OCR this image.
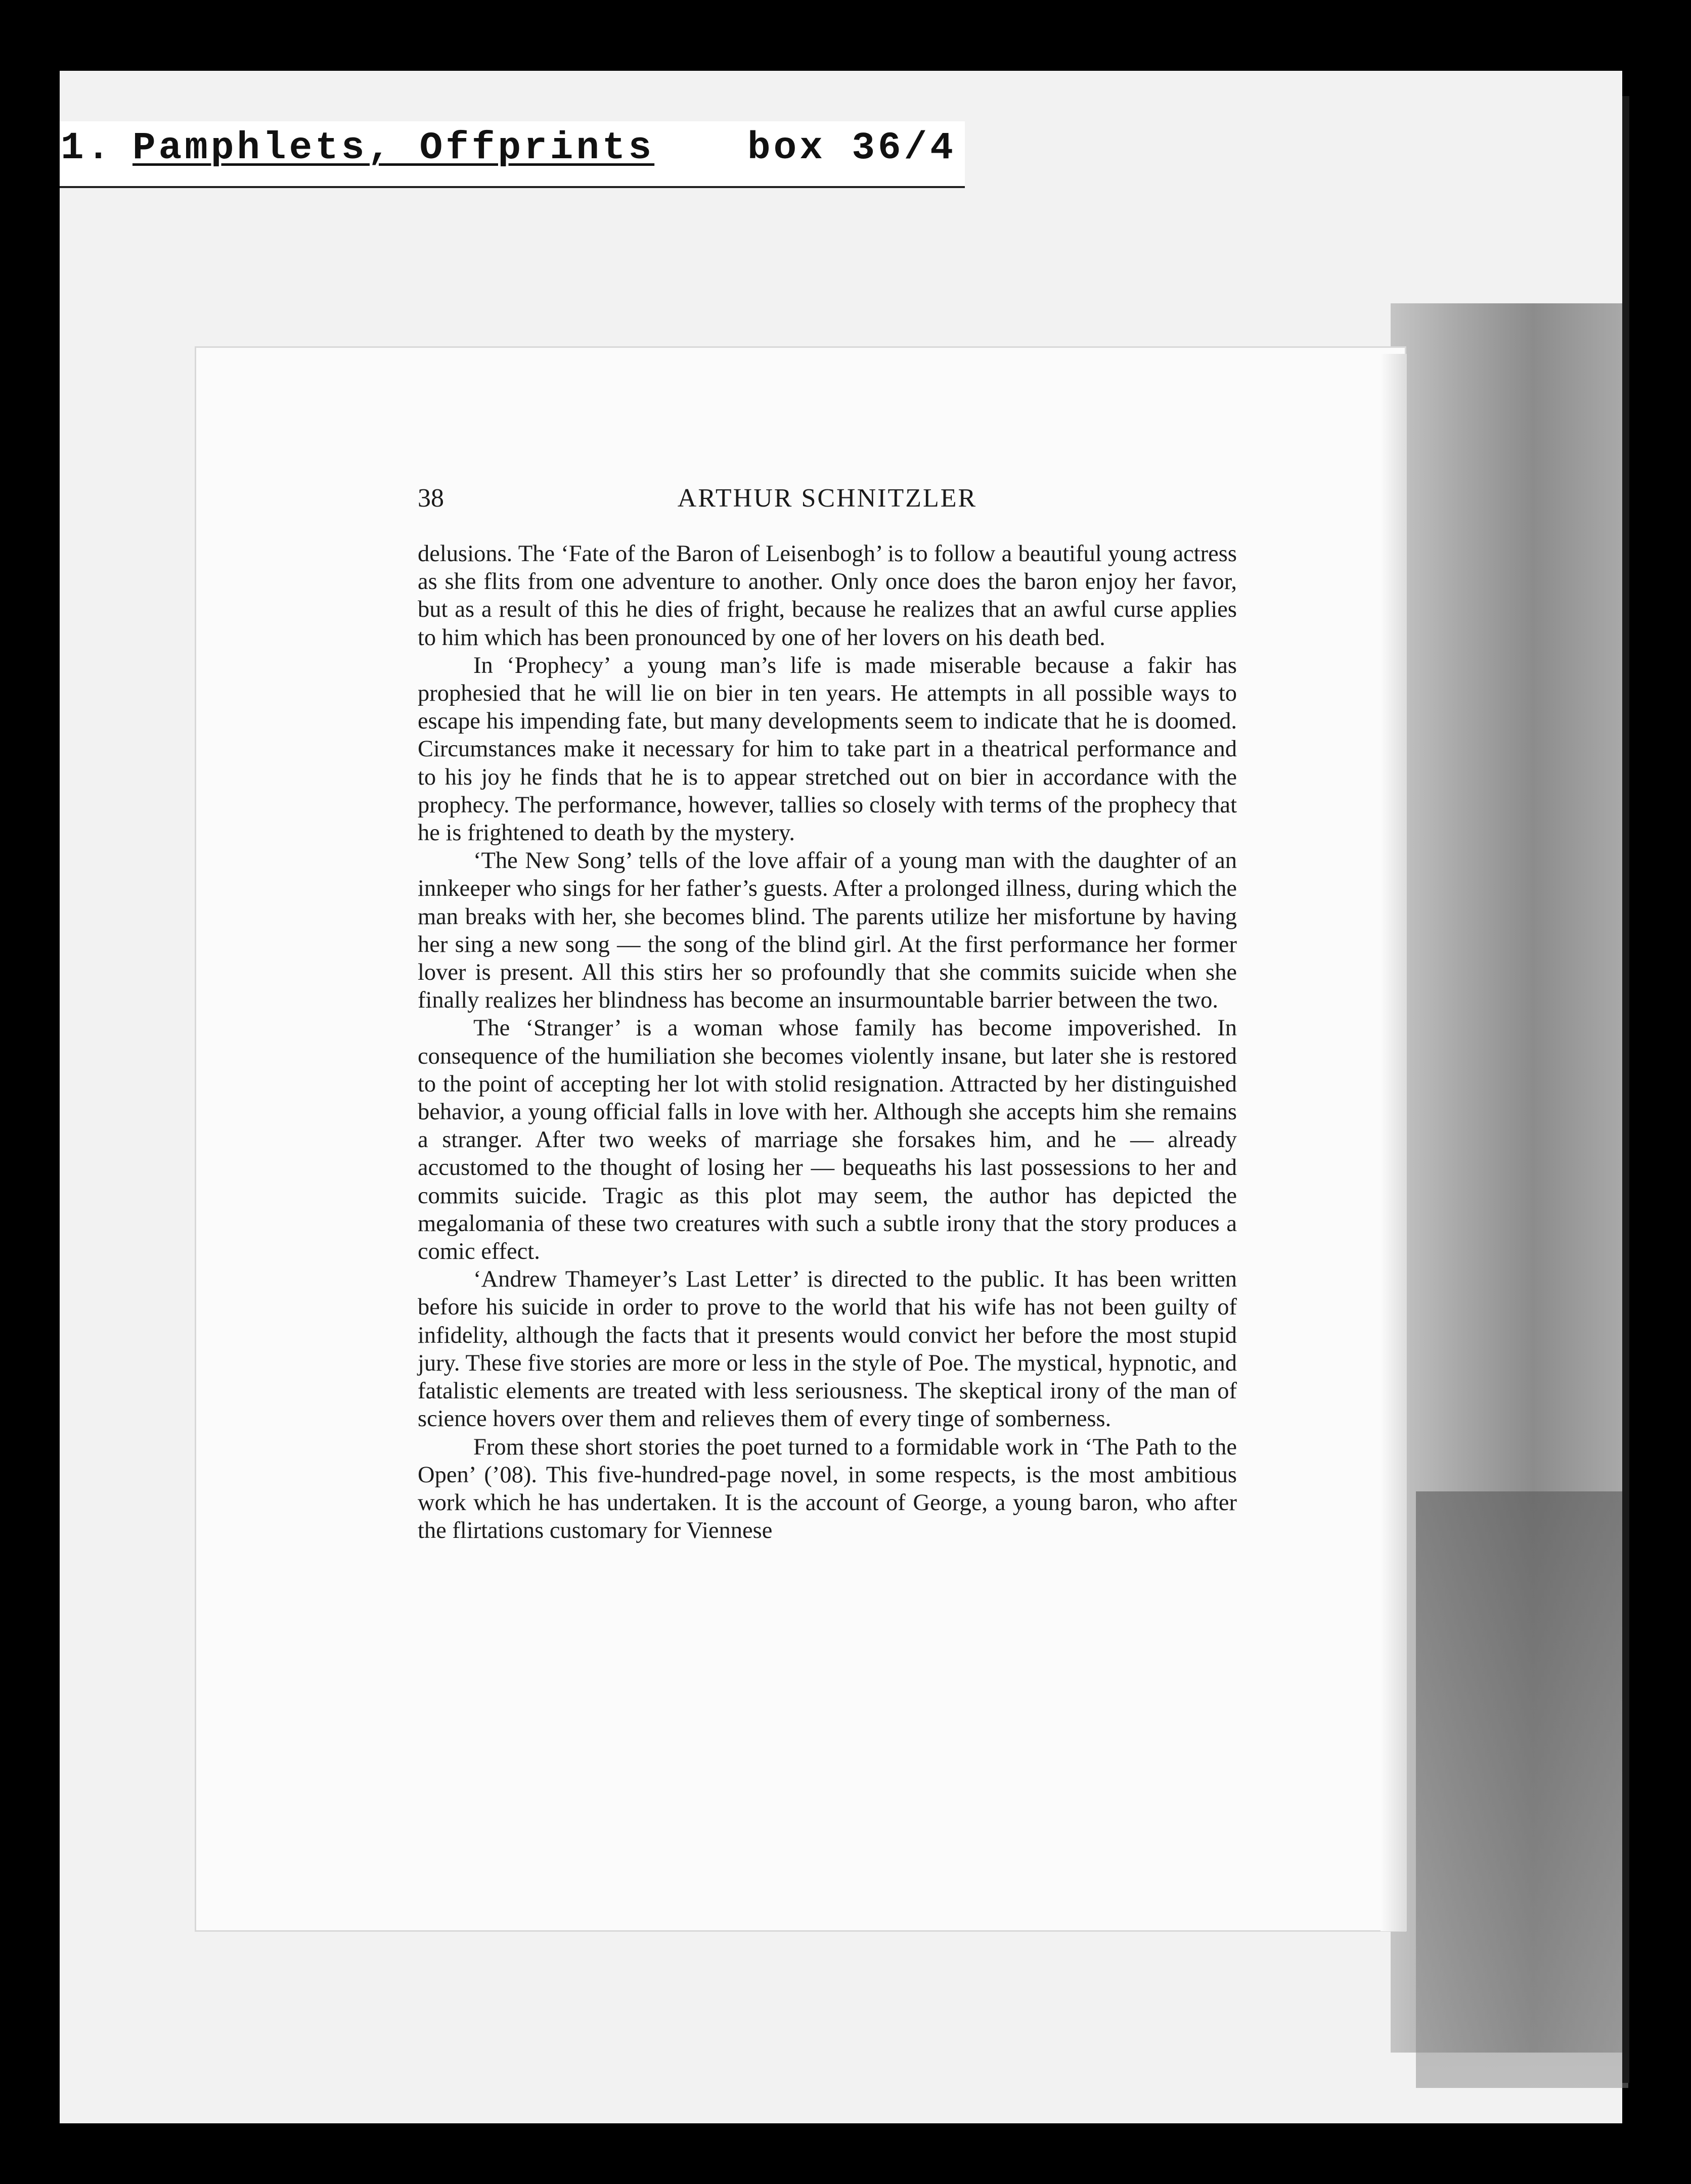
1. Pamphlets, Offprints box 36/4
38	ARTHUR SCHNITZLER

delusions. The ‘Fate of the Baron of Leisenbogh’ is to follow a beautiful young actress as she flits from one adventure to another. Only once does the baron enjoy her favor, but as a result of this he dies of fright, because he realizes that an awful curse applies to him which has been pronounced by one of her lovers on his death bed.

In ‘Prophecy’ a young man’s life is made miserable because a fakir has prophesied that he will lie on bier in ten years. He attempts in all possible ways to escape his impending fate, but many developments seem to indicate that he is doomed. Circumstances make it necessary for him to take part in a theatrical performance and to his joy he finds that he is to appear stretched out on bier in accordance with the prophecy. The performance, however, tallies so closely with terms of the prophecy that he is frightened to death by the mystery.

‘The New Song’ tells of the love affair of a young man with the daughter of an innkeeper who sings for her father’s guests. After a prolonged illness, during which the man breaks with her, she becomes blind. The parents utilize her misfortune by having her sing a new song — the song of the blind girl. At the first performance her former lover is present. All this stirs her so profoundly that she commits suicide when she finally realizes her blindness has become an insurmountable barrier between the two.

The ‘Stranger’ is a woman whose family has become impoverished. In consequence of the humiliation she becomes violently insane, but later she is restored to the point of accepting her lot with stolid resignation. Attracted by her distinguished behavior, a young official falls in love with her. Although she accepts him she remains a stranger. After two weeks of marriage she forsakes him, and he — already accustomed to the thought of losing her — bequeaths his last possessions to her and commits suicide. Tragic as this plot may seem, the author has depicted the megalomania of these two creatures with such a subtle irony that the story produces a comic effect.

‘Andrew Thameyer’s Last Letter’ is directed to the public. It has been written before his suicide in order to prove to the world that his wife has not been guilty of infidelity, although the facts that it presents would convict her before the most stupid jury. These five stories are more or less in the style of Poe. The mystical, hypnotic, and fatalistic elements are treated with less seriousness. The skeptical irony of the man of science hovers over them and relieves them of every tinge of somberness.

From these short stories the poet turned to a formidable work in ‘The Path to the Open’ (’08). This five-hundred-page novel, in some respects, is the most ambitious work which he has undertaken. It is the account of George, a young baron, who after the flirtations customary for Viennese
